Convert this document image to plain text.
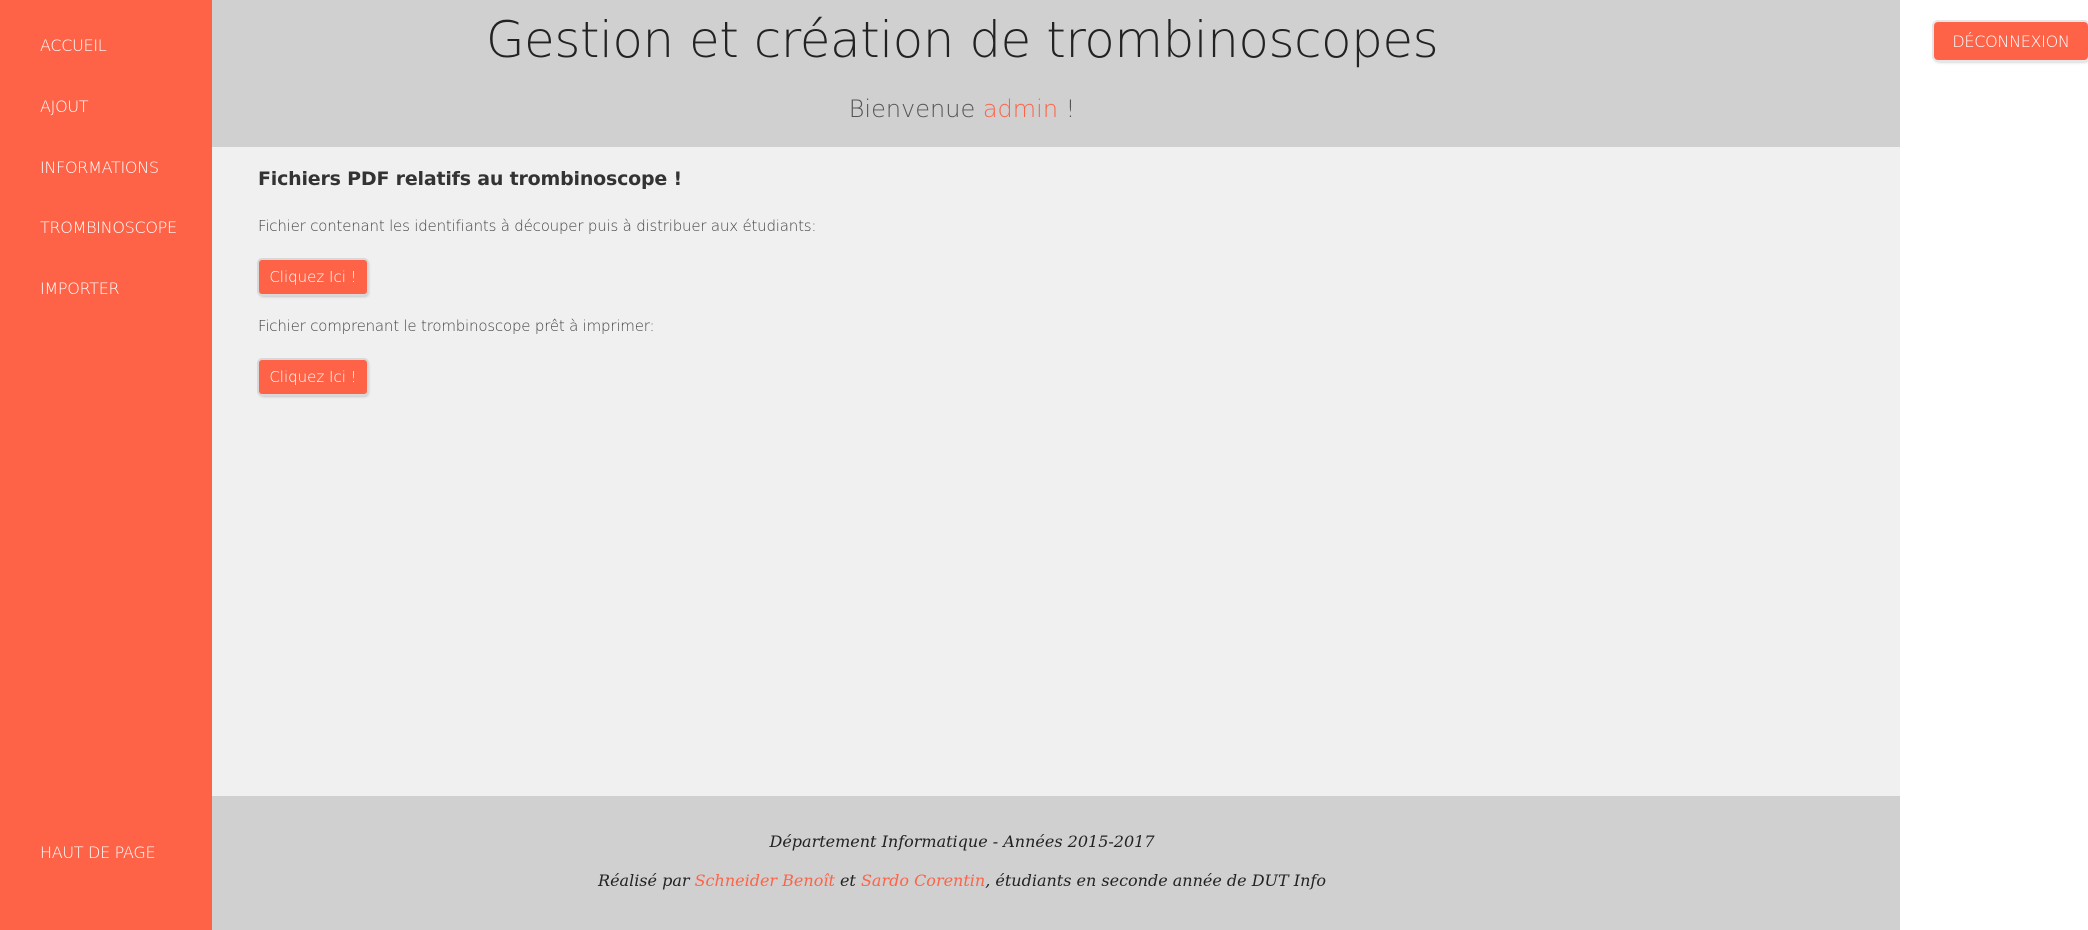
ACCUEIL
AJOUT
INFORMATIONS
TROMBINOSCOPE
IMPORTER
HAUT DE PAGE
Gestion et création de trombinoscopes
Bienvenue admin !
DÉCONNEXION
Fichiers PDF relatifs au trombinoscope !
Fichier contenant les identifiants à découper puis à distribuer aux étudiants:
Cliquez Ici !
Fichier comprenant le trombinoscope prêt à imprimer:
Cliquez Ici !
Département Informatique - Années 2015-2017
Réalisé par Schneider Benoît et Sardo Corentin, étudiants en seconde année de DUT Info
